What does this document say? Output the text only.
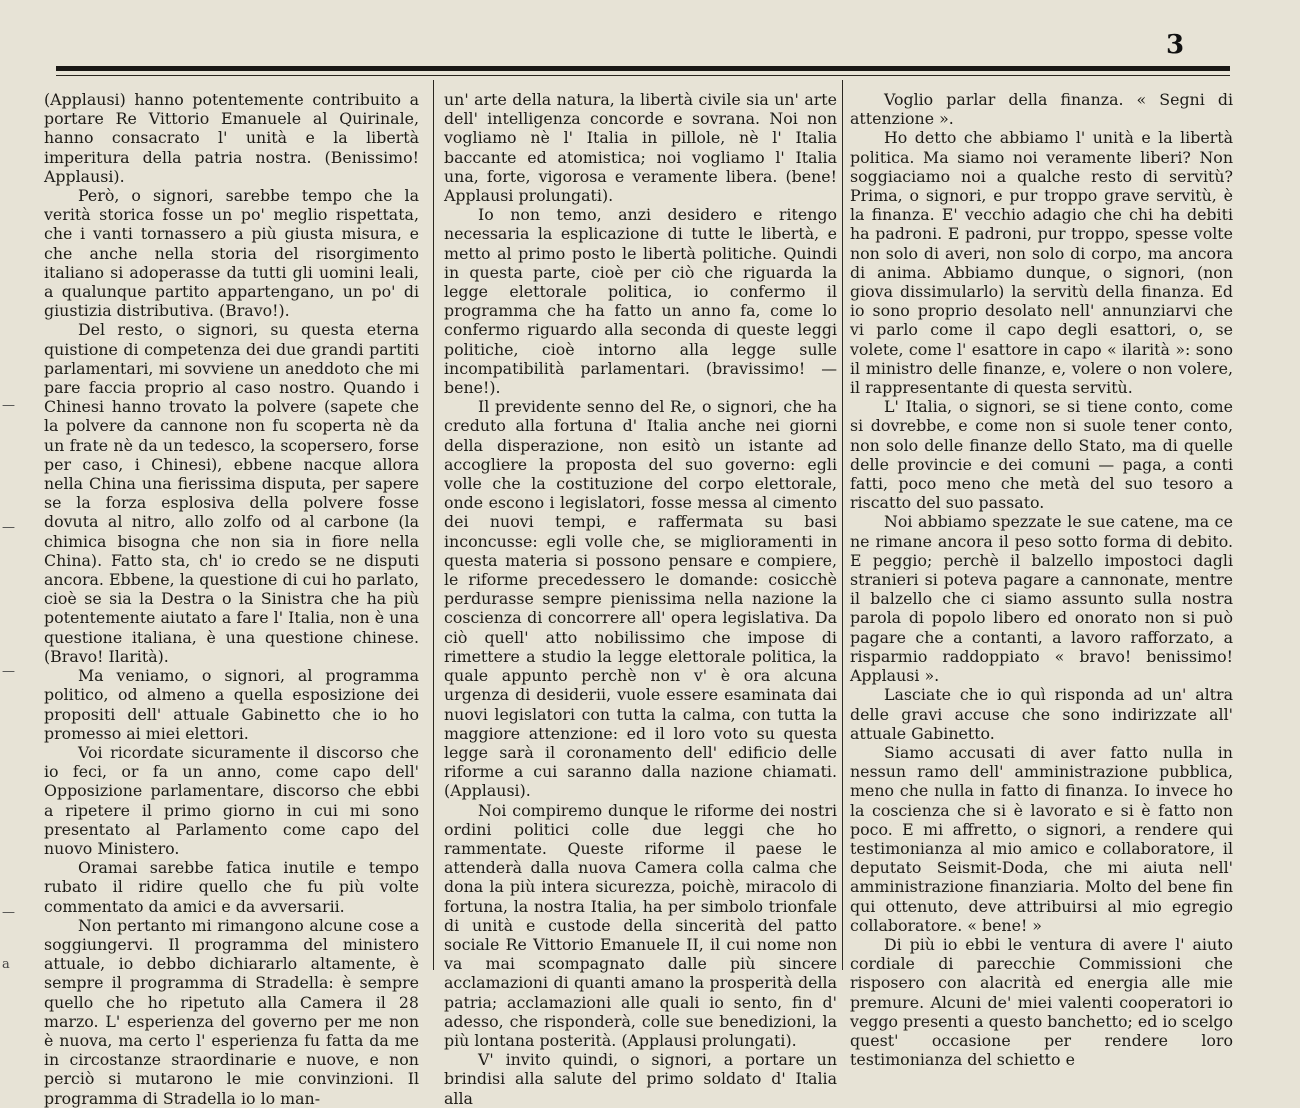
—
—
—
—
a
3

(Applausi) hanno potentemente contribuito a portare Re Vittorio Emanuele al Quirinale, hanno consacrato l' unità e la libertà imperitura della patria nostra. (Benissimo! Applausi).

Però, o signori, sarebbe tempo che la verità storica fosse un po' meglio rispettata, che i vanti tornassero a più giusta misura, e che anche nella storia del risorgimento italiano si adoperasse da tutti gli uomini leali, a qualunque partito appartengano, un po' di giustizia distributiva. (Bravo!).

Del resto, o signori, su questa eterna quistione di competenza dei due grandi partiti parlamentari, mi sovviene un aneddoto che mi pare faccia proprio al caso nostro. Quando i Chinesi hanno trovato la polvere (sapete che la polvere da cannone non fu scoperta nè da un frate nè da un tedesco, la scopersero, forse per caso, i Chinesi), ebbene nacque allora nella China una fierissima disputa, per sapere se la forza esplosiva della polvere fosse dovuta al nitro, allo zolfo od al carbone (la chimica bisogna che non sia in fiore nella China). Fatto sta, ch' io credo se ne disputi ancora. Ebbene, la questione di cui ho parlato, cioè se sia la Destra o la Sinistra che ha più potentemente aiutato a fare l' Italia, non è una questione italiana, è una questione chinese. (Bravo! Ilarità).

Ma veniamo, o signori, al programma politico, od almeno a quella esposizione dei propositi dell' attuale Gabinetto che io ho promesso ai miei elettori.

Voi ricordate sicuramente il discorso che io feci, or fa un anno, come capo dell' Opposizione parlamentare, discorso che ebbi a ripetere il primo giorno in cui mi sono presentato al Parlamento come capo del nuovo Ministero.

Oramai sarebbe fatica inutile e tempo rubato il ridire quello che fu più volte commentato da amici e da avversarii.

Non pertanto mi rimangono alcune cose a soggiungervi. Il programma del ministero attuale, io debbo dichiararlo altamente, è sempre il programma di Stradella: è sempre quello che ho ripetuto alla Camera il 28 marzo. L' esperienza del governo per me non è nuova, ma certo l' esperienza fu fatta da me in circostanze straordinarie e nuove, e non perciò si mutarono le mie convinzioni. Il programma di Stradella io lo man-

un' arte della natura, la libertà civile sia un' arte dell' intelligenza concorde e sovrana. Noi non vogliamo nè l' Italia in pillole, nè l' Italia baccante ed atomistica; noi vogliamo l' Italia una, forte, vigorosa e veramente libera. (bene! Applausi prolungati).

Io non temo, anzi desidero e ritengo necessaria la esplicazione di tutte le libertà, e metto al primo posto le libertà politiche. Quindi in questa parte, cioè per ciò che riguarda la legge elettorale politica, io confermo il programma che ha fatto un anno fa, come lo confermo riguardo alla seconda di queste leggi politiche, cioè intorno alla legge sulle incompatibilità parlamentari. (bravissimo! — bene!).

Il previdente senno del Re, o signori, che ha creduto alla fortuna d' Italia anche nei giorni della disperazione, non esitò un istante ad accogliere la proposta del suo governo: egli volle che la costituzione del corpo elettorale, onde escono i legislatori, fosse messa al cimento dei nuovi tempi, e raffermata su basi inconcusse: egli volle che, se miglioramenti in questa materia si possono pensare e compiere, le riforme precedessero le domande: cosicchè perdurasse sempre pienissima nella nazione la coscienza di concorrere all' opera legislativa. Da ciò quell' atto nobilissimo che impose di rimettere a studio la legge elettorale politica, la quale appunto perchè non v' è ora alcuna urgenza di desiderii, vuole essere esaminata dai nuovi legislatori con tutta la calma, con tutta la maggiore attenzione: ed il loro voto su questa legge sarà il coronamento dell' edificio delle riforme a cui saranno dalla nazione chiamati. (Applausi).

Noi compiremo dunque le riforme dei nostri ordini politici colle due leggi che ho rammentate. Queste riforme il paese le attenderà dalla nuova Camera colla calma che dona la più intera sicurezza, poichè, miracolo di fortuna, la nostra Italia, ha per simbolo trionfale di unità e custode della sincerità del patto sociale Re Vittorio Emanuele II, il cui nome non va mai scompagnato dalle più sincere acclamazioni di quanti amano la prosperità della patria; acclamazioni alle quali io sento, fin d' adesso, che risponderà, colle sue benedizioni, la più lontana posterità. (Applausi prolungati).

V' invito quindi, o signori, a portare un brindisi alla salute del primo soldato d' Italia alla

Voglio parlar della finanza. « Segni di attenzione ».

Ho detto che abbiamo l' unità e la libertà politica. Ma siamo noi veramente liberi? Non soggiaciamo noi a qualche resto di servitù? Prima, o signori, e pur troppo grave servitù, è la finanza. E' vecchio adagio che chi ha debiti ha padroni. E padroni, pur troppo, spesse volte non solo di averi, non solo di corpo, ma ancora di anima. Abbiamo dunque, o signori, (non giova dissimularlo) la servitù della finanza. Ed io sono proprio desolato nell' annunziarvi che vi parlo come il capo degli esattori, o, se volete, come l' esattore in capo « ilarità »: sono il ministro delle finanze, e, volere o non volere, il rappresentante di questa servitù.

L' Italia, o signori, se si tiene conto, come si dovrebbe, e come non si suole tener conto, non solo delle finanze dello Stato, ma di quelle delle provincie e dei comuni — paga, a conti fatti, poco meno che metà del suo tesoro a riscatto del suo passato.

Noi abbiamo spezzate le sue catene, ma ce ne rimane ancora il peso sotto forma di debito. E peggio; perchè il balzello impostoci dagli stranieri si poteva pagare a cannonate, mentre il balzello che ci siamo assunto sulla nostra parola di popolo libero ed onorato non si può pagare che a contanti, a lavoro rafforzato, a risparmio raddoppiato « bravo! benissimo! Applausi ».

Lasciate che io quì risponda ad un' altra delle gravi accuse che sono indirizzate all' attuale Gabinetto.

Siamo accusati di aver fatto nulla in nessun ramo dell' amministrazione pubblica, meno che nulla in fatto di finanza. Io invece ho la coscienza che si è lavorato e si è fatto non poco. E mi affretto, o signori, a rendere qui testimonianza al mio amico e collaboratore, il deputato Seismit-Doda, che mi aiuta nell' amministrazione finanziaria. Molto del bene fin qui ottenuto, deve attribuirsi al mio egregio collaboratore. « bene! »

Di più io ebbi le ventura di avere l' aiuto cordiale di parecchie Commissioni che risposero con alacrità ed energia alle mie premure. Alcuni de' miei valenti cooperatori io veggo presenti a questo banchetto; ed io scelgo quest' occasione per rendere loro testimonianza del schietto e
